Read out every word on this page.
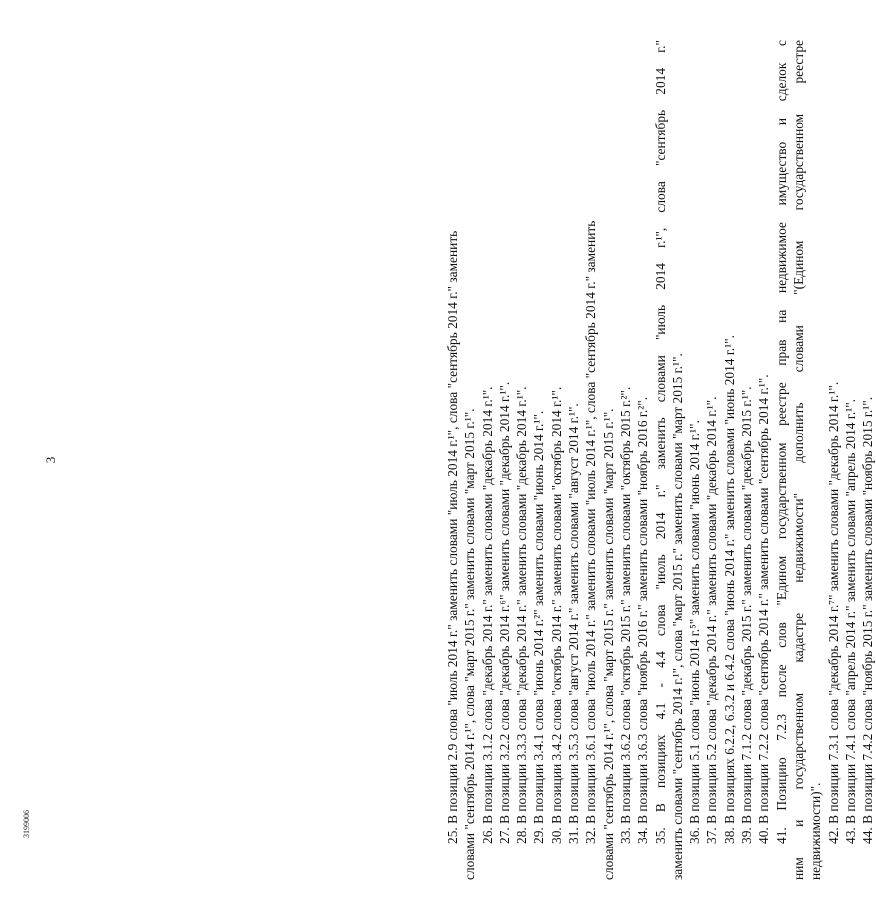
3	25. В позиции 2.9 слова "июль 2014 г." заменить словами "июль 2014 г.¹", слова "сентябрь 2014 г." заменить словами "сентябрь 2014 г.¹", слова "март 2015 г." заменить словами "март 2015 г.¹". 26. В позиции 3.1.2 слова "декабрь 2014 г." заменить словами "декабрь 2014 г.¹". 27. В позиции 3.2.2 слова "декабрь 2014 г.⁶" заменить словами "декабрь 2014 г.¹". 28. В позиции 3.3.3 слова "декабрь 2014 г." заменить словами "декабрь 2014 г.¹". 29. В позиции 3.4.1 слова "июнь 2014 г.²" заменить словами "июнь 2014 г.¹". 30. В позиции 3.4.2 слова "октябрь 2014 г." заменить словами "октябрь 2014 г.¹". 31. В позиции 3.5.3 слова "август 2014 г." заменить словами "август 2014 г.¹". 32. В позиции 3.6.1 слова "июль 2014 г." заменить словами "июль 2014 г.¹", слова "сентябрь 2014 г." заменить словами "сентябрь 2014 г.¹", слова "март 2015 г." заменить словами "март 2015 г.¹". 33. В позиции 3.6.2 слова "октябрь 2015 г." заменить словами "октябрь 2015 г.²". 34. В позиции 3.6.3 слова "ноябрь 2016 г." заменить словами "ноябрь 2016 г.²". 35. В позициях 4.1 - 4.4 слова "июль 2014 г." заменить словами "июль 2014 г.¹", слова "сентябрь 2014 г." заменить словами "сентябрь 2014 г.¹", слова "март 2015 г." заменить словами "март 2015 г.¹". 36. В позиции 5.1 слова "июнь 2014 г.⁵" заменить словами "июнь 2014 г.¹". 37. В позиции 5.2 слова "декабрь 2014 г." заменить словами "декабрь 2014 г.¹". 38. В позициях 6.2.2, 6.3.2 и 6.4.2 слова "июнь 2014 г." заменить словами "июнь 2014 г.¹". 39. В позиции 7.1.2 слова "декабрь 2015 г." заменить словами "декабрь 2015 г.¹". 40. В позиции 7.2.2 слова "сентябрь 2014 г." заменить словами "сентябрь 2014 г.¹". 41. Позицию 7.2.3 после слов "Едином государственном реестре прав на недвижимое имущество и сделок с ним и государственном кадастре недвижимости" дополнить словами "(Едином государственном реестре недвижимости)". 42. В позиции 7.3.1 слова "декабрь 2014 г.⁷" заменить словами "декабрь 2014 г.¹". 43. В позиции 7.4.1 слова "апрель 2014 г." заменить словами "апрель 2014 г.¹". 44. В позиции 7.4.2 слова "ноябрь 2015 г." заменить словами "ноябрь 2015 г.¹".
3199006
